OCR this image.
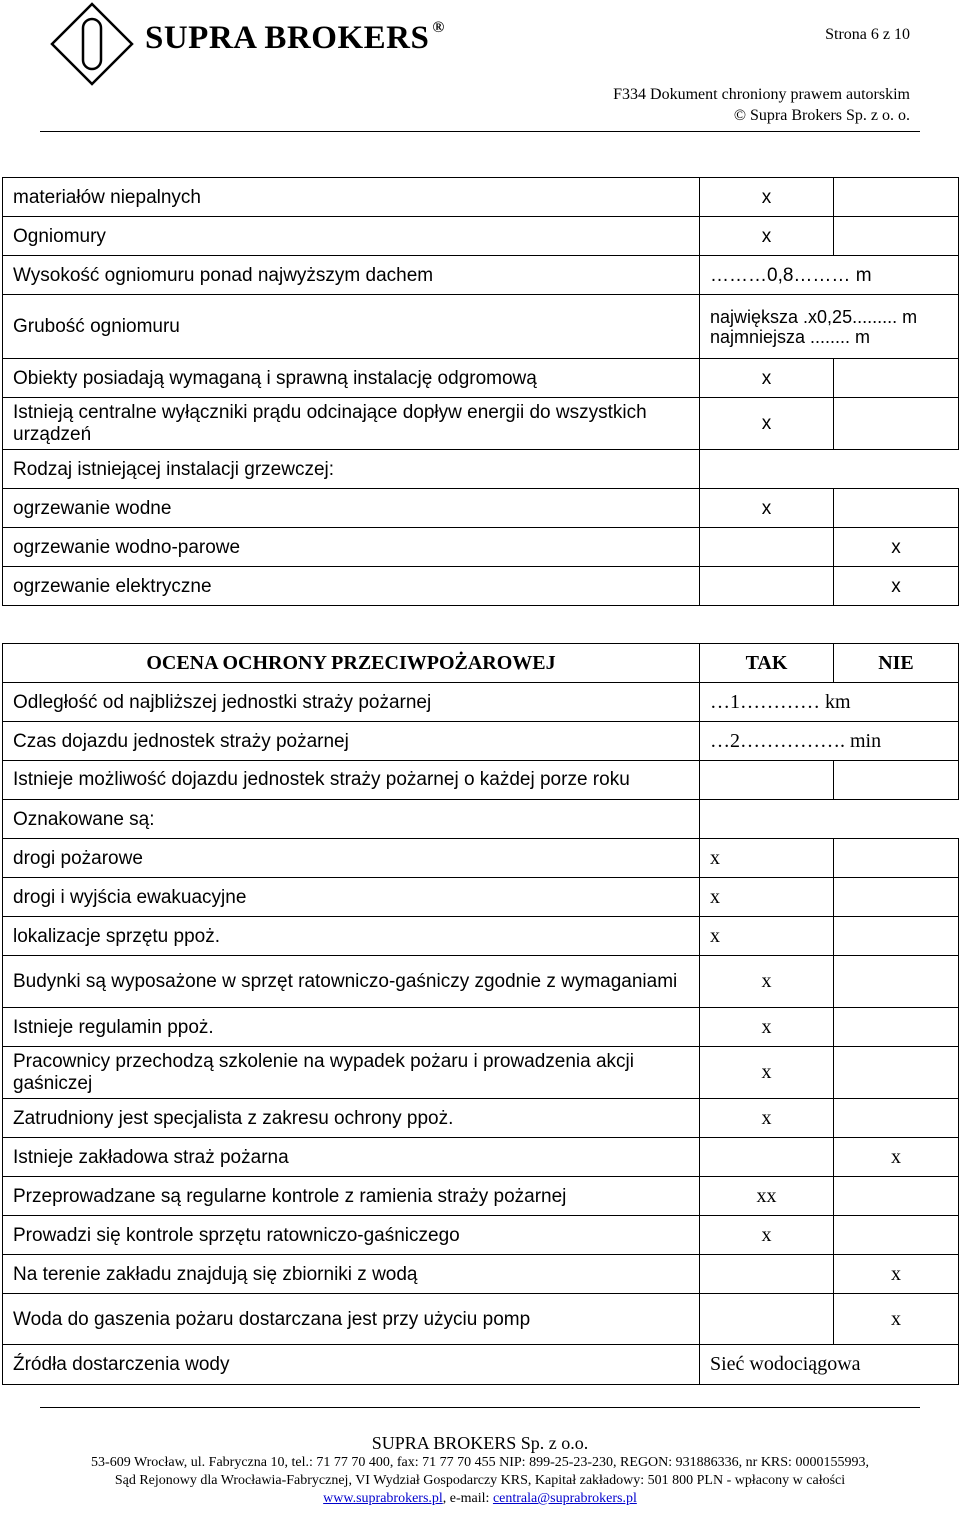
SUPRA BROKERS ®	Strona 6 z 10
F334 Dokument chroniony prawem autorskim
© Supra Brokers Sp. z o. o.
materiałów niepalnych	x	
Ogniomury	x	
Wysokość ogniomuru ponad najwyższym dachem	………0,8……… m	
Grubość ogniomuru	największa .x0,25......... m najmniejsza ........ m	
Obiekty posiadają wymaganą i sprawną instalację odgromową	x	
Istnieją centralne wyłączniki prądu odcinające dopływ energii do wszystkich urządzeń	x	
Rodzaj istniejącej instalacji grzewczej:		
ogrzewanie wodne	x	
ogrzewanie wodno-parowe		x
ogrzewanie elektryczne		x
OCENA OCHRONY PRZECIWPOŻAROWEJ	TAK	NIE
Odległość od najbliższej jednostki straży pożarnej	…1………… km	
Czas dojazdu jednostek straży pożarnej	…2……………. min	
Istnieje możliwość dojazdu jednostek straży pożarnej o każdej porze roku		
Oznakowane są:		
drogi pożarowe	x	
drogi i wyjścia ewakuacyjne	x	
lokalizacje sprzętu ppoż.	x	
Budynki są wyposażone w sprzęt ratowniczo-gaśniczy zgodnie z wymaganiami	x	
Istnieje regulamin ppoż.	x	
Pracownicy przechodzą szkolenie na wypadek pożaru i prowadzenia akcji gaśniczej	x	
Zatrudniony jest specjalista z zakresu ochrony ppoż.	x	
Istnieje zakładowa straż pożarna		x
Przeprowadzane są regularne kontrole z ramienia straży pożarnej	xx	
Prowadzi się kontrole sprzętu ratowniczo-gaśniczego	x	
Na terenie zakładu znajdują się zbiorniki z wodą		x
Woda do gaszenia pożaru dostarczana jest przy użyciu pomp		x
Źródła dostarczenia wody	Sieć wodociągowa	
SUPRA BROKERS Sp. z o.o.
53-609 Wrocław, ul. Fabryczna 10, tel.: 71 77 70 400, fax: 71 77 70 455 NIP: 899-25-23-230, REGON: 931886336, nr KRS: 0000155993,
Sąd Rejonowy dla Wrocławia-Fabrycznej, VI Wydział Gospodarczy KRS, Kapitał zakładowy: 501 800 PLN - wpłacony w całości
www.suprabrokers.pl, e-mail: centrala@suprabrokers.pl
